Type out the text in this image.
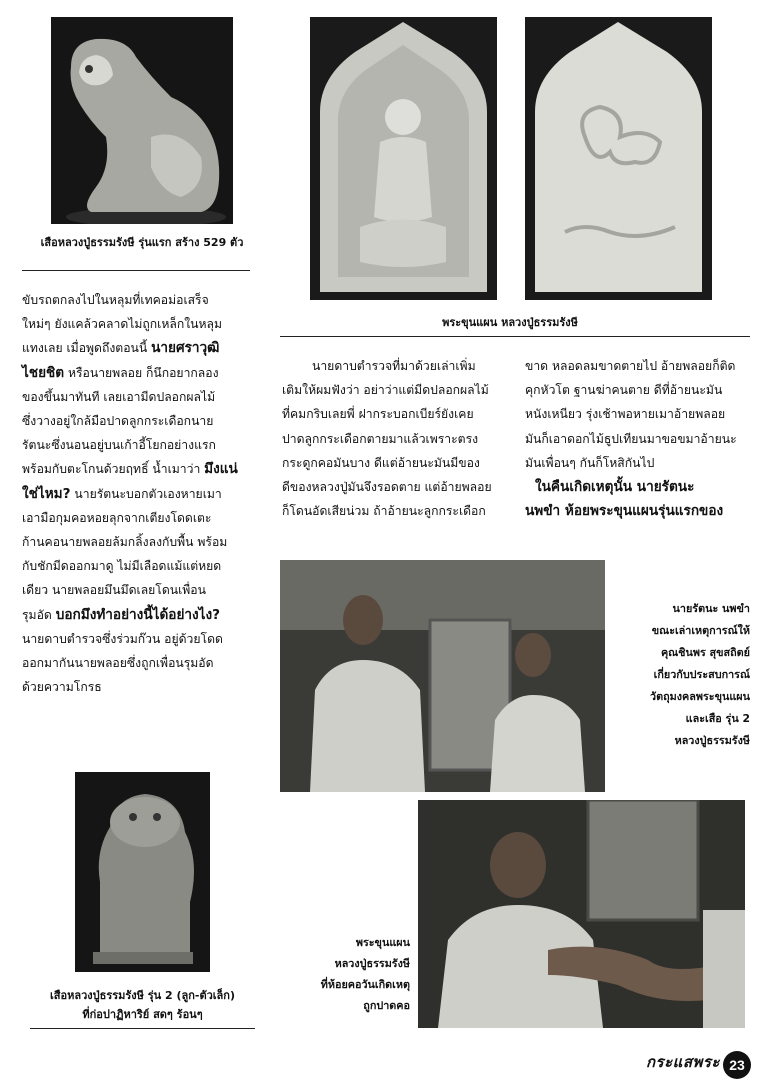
เสือหลวงปู่ธรรมรังษี รุ่นแรก สร้าง 529 ตัว
พระขุนแผน หลวงปู่ธรรมรังษี

ขับรถตกลงไปในหลุมที่เทคอม่อเสร็จ

ใหม่ๆ ยังแคล้วคลาดไม่ถูกเหล็กในหลุม

แทงเลย เมื่อพูดถึงตอนนี้ นายศราวุฒิ

ไชยชิต หรือนายพลอย ก็นึกอยากลอง

ของขึ้นมาทันที เลยเอามีดปลอกผลไม้

ซึ่งวางอยู่ใกล้มือปาดลูกกระเดือกนาย

รัตนะซึ่งนอนอยู่บนเก้าอี้โยกอย่างแรก

พร้อมกับตะโกนด้วยฤทธิ์ น้ำเมาว่า มึงแน่

ใช่ไหม? นายรัตนะบอกตัวเองหายเมา

เอามือกุมคอหอยลุกจากเตียงโดดเตะ

ก้านคอนายพลอยล้มกลิ้งลงกับพื้น พร้อม

กับชักมีดออกมาดู ไม่มีเลือดแม้แต่หยด

เดียว นายพลอยมึนมึดเลยโดนเพื่อน

รุมอัด บอกมึงทำอย่างนี้ได้อย่างไง?

นายดาบตำรวจซึ่งร่วมก๊วน อยู่ด้วยโดด

ออกมากันนายพลอยซึ่งถูกเพื่อนรุมอัด

ด้วยความโกรธ

นายดาบตำรวจที่มาด้วยเล่าเพิ่ม

เติมให้ผมฟังว่า อย่าว่าแต่มีดปลอกผลไม้

ที่คมกริบเลยพี่ ฝากระบอกเบียร์ยังเคย

ปาดลูกกระเดือกตายมาแล้วเพราะตรง

กระดูกคอมันบาง ดีแต่อ้ายนะมันมีของ

ดีของหลวงปู่มันจึงรอดตาย แต่อ้ายพลอย

ก็โดนอัดเสียน่วม ถ้าอ้ายนะลูกกระเดือก

ขาด หลอดลมขาดตายไป อ้ายพลอยก็ติด

คุกหัวโต ฐานฆ่าคนตาย ดีที่อ้ายนะมัน

หนังเหนียว รุ่งเช้าพอหายเมาอ้ายพลอย

มันก็เอาดอกไม้ธูปเทียนมาขอขมาอ้ายนะ

มันเพื่อนๆ กันก็โหสิกันไป

ในคืนเกิดเหตุนั้น นายรัตนะ

นพขำ ห้อยพระขุนแผนรุ่นแรกของ

นายรัตนะ นพขำ
ขณะเล่าเหตุการณ์ให้
คุณชินพร สุขสถิตย์
เกี่ยวกับประสบการณ์
วัตถุมงคลพระขุนแผน
และเสือ รุ่น 2
หลวงปู่ธรรมรังษี
เสือหลวงปู่ธรรมรังษี รุ่น 2 (ลูก-ตัวเล็ก)
ที่ก่อปาฏิหาริย์ สดๆ ร้อนๆ
พระขุนแผน
หลวงปู่ธรรมรังษี
ที่ห้อยคอวันเกิดเหตุ
ถูกปาดคอ
กระแสพระ 23
